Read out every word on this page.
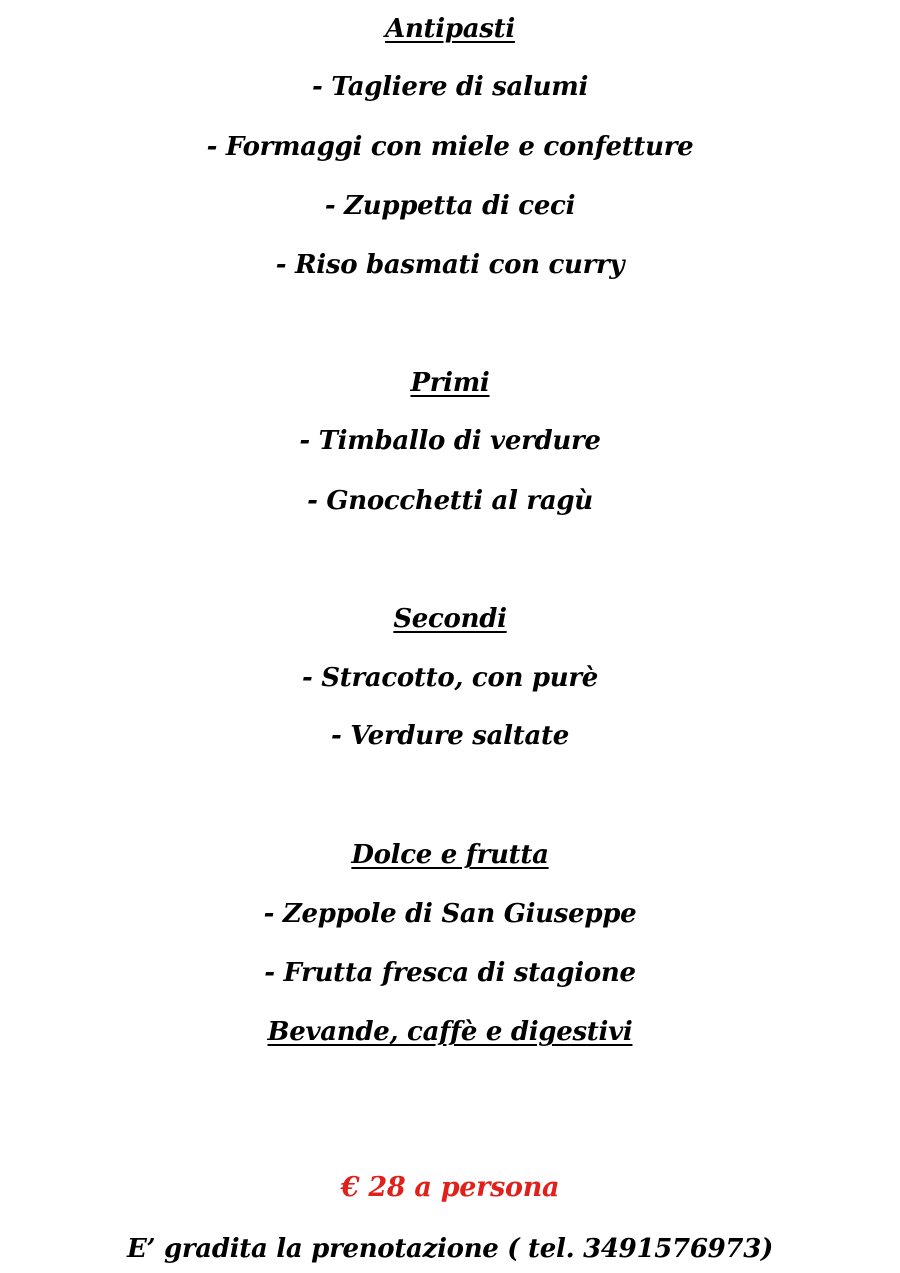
Antipasti
- Tagliere di salumi
- Formaggi con miele e confetture
- Zuppetta di ceci
- Riso basmati con curry
Primi
- Timballo di verdure
- Gnocchetti al ragù
Secondi
- Stracotto, con purè
- Verdure saltate
Dolce e frutta
- Zeppole di San Giuseppe
- Frutta fresca di stagione
Bevande, caffè e digestivi
€ 28 a persona
E’ gradita la prenotazione ( tel. 3491576973)
